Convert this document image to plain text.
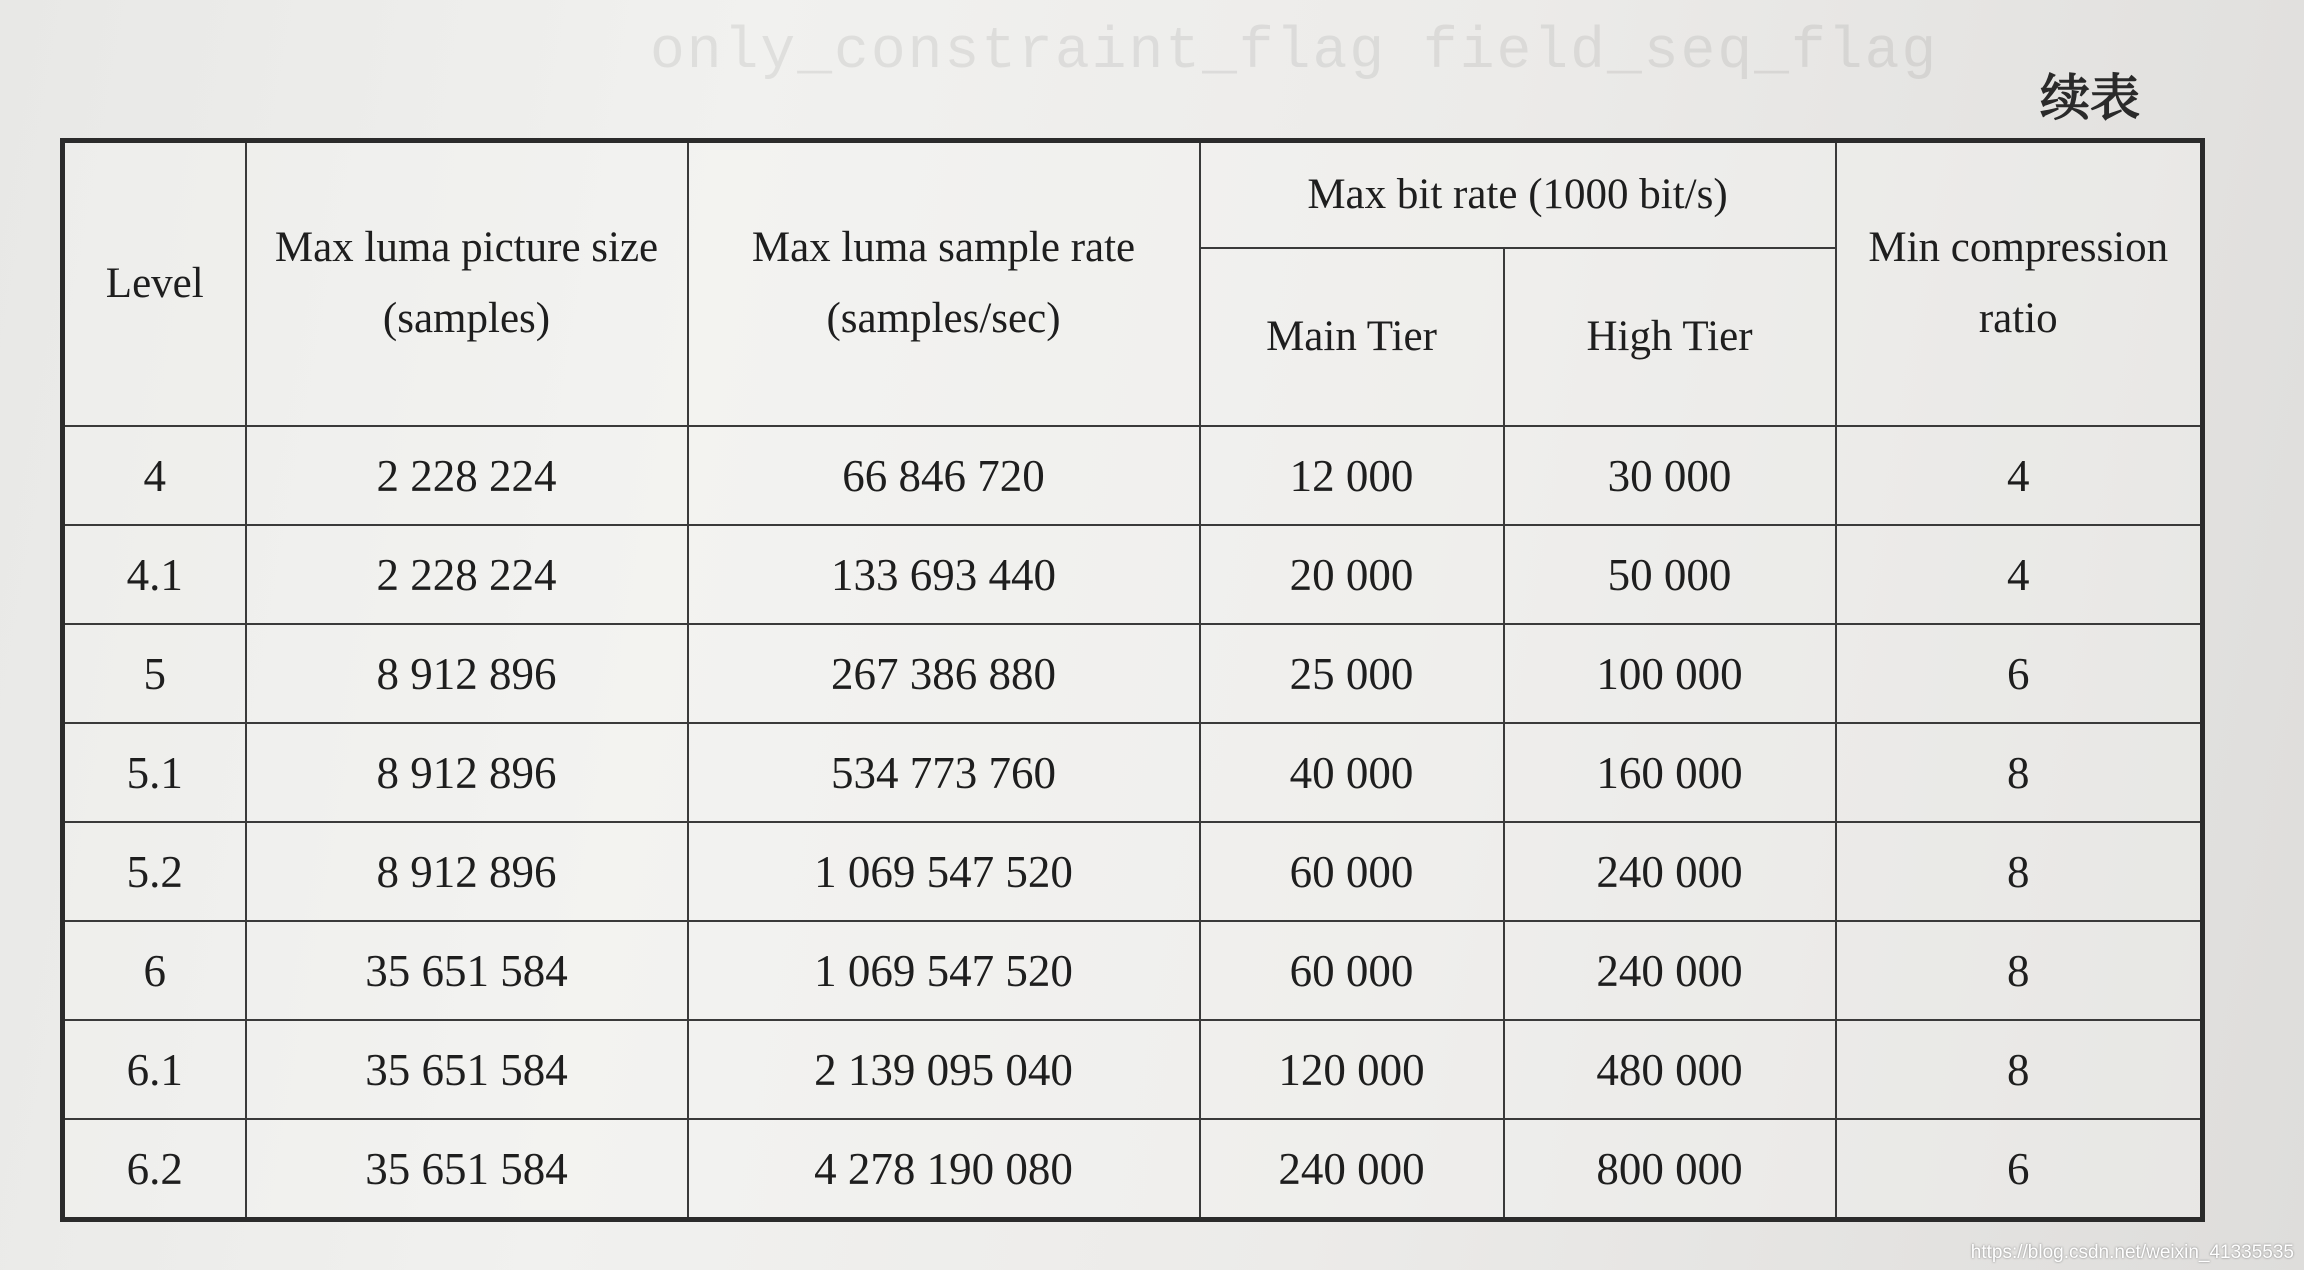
only_constraint_flag field_seq_flag
续表
Level	Max luma picture size (samples)	Max luma sample rate (samples/sec)	Max bit rate (1000 bit/s)		Min compression ratio
			Main Tier	High Tier	
4	2 228 224	66 846 720	12 000	30 000	4
4.1	2 228 224	133 693 440	20 000	50 000	4
5	8 912 896	267 386 880	25 000	100 000	6
5.1	8 912 896	534 773 760	40 000	160 000	8
5.2	8 912 896	1 069 547 520	60 000	240 000	8
6	35 651 584	1 069 547 520	60 000	240 000	8
6.1	35 651 584	2 139 095 040	120 000	480 000	8
6.2	35 651 584	4 278 190 080	240 000	800 000	6
https://blog.csdn.net/weixin_41335535
